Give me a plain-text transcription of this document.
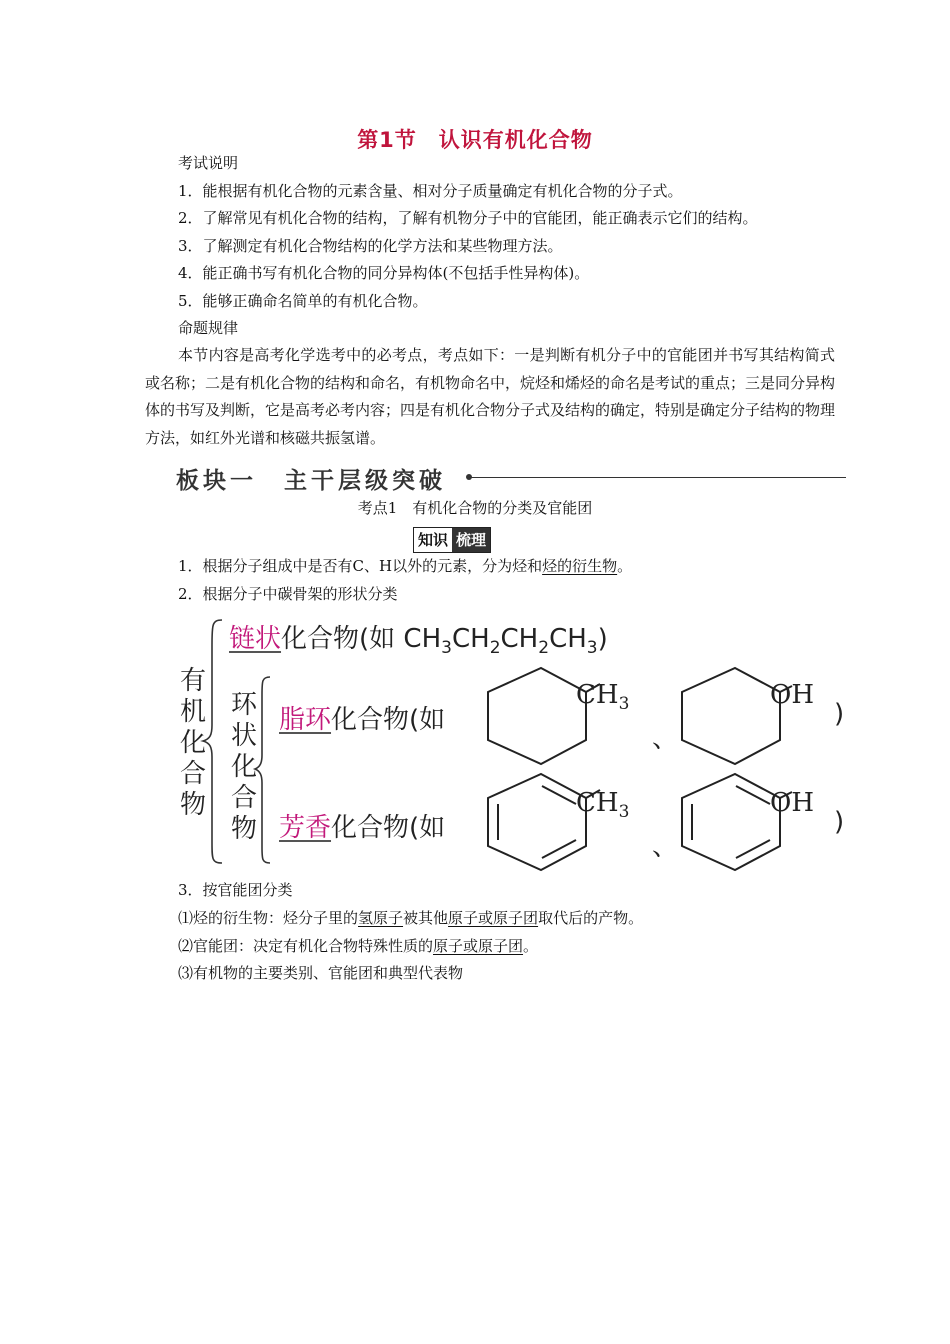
第1节　认识有机化合物
考试说明
1．能根据有机化合物的元素含量、相对分子质量确定有机化合物的分子式。
2．了解常见有机化合物的结构，了解有机物分子中的官能团，能正确表示它们的结构。
3．了解测定有机化合物结构的化学方法和某些物理方法。
4．能正确书写有机化合物的同分异构体(不包括手性异构体)。
5．能够正确命名简单的有机化合物。
命题规律
本节内容是高考化学选考中的必考点，考点如下：一是判断有机分子中的官能团并书写其结构简式或名称；二是有机化合物的结构和命名，有机物命名中，烷烃和烯烃的命名是考试的重点；三是同分异构体的书写及判断，它是高考必考内容；四是有机化合物分子式及结构的确定，特别是确定分子结构的物理方法，如红外光谱和核磁共振氢谱。
板块一　主干层级突破
考点1　有机化合物的分类及官能团
知识 梳理
1．根据分子组成中是否有C、H以外的元素，分为烃和烃的衍生物。
2．根据分子中碳骨架的形状分类
有机化合物
环状化合物
链状化合物(如 $CH_3CH_2CH_2CH_3$)
脂环化合物(如
$CH_3$
、
OH
)
芳香化合物(如
$CH_3$
、
OH
)
3．按官能团分类
⑴烃的衍生物：烃分子里的氢原子被其他原子或原子团取代后的产物。
⑵官能团：决定有机化合物特殊性质的原子或原子团。
⑶有机物的主要类别、官能团和典型代表物
